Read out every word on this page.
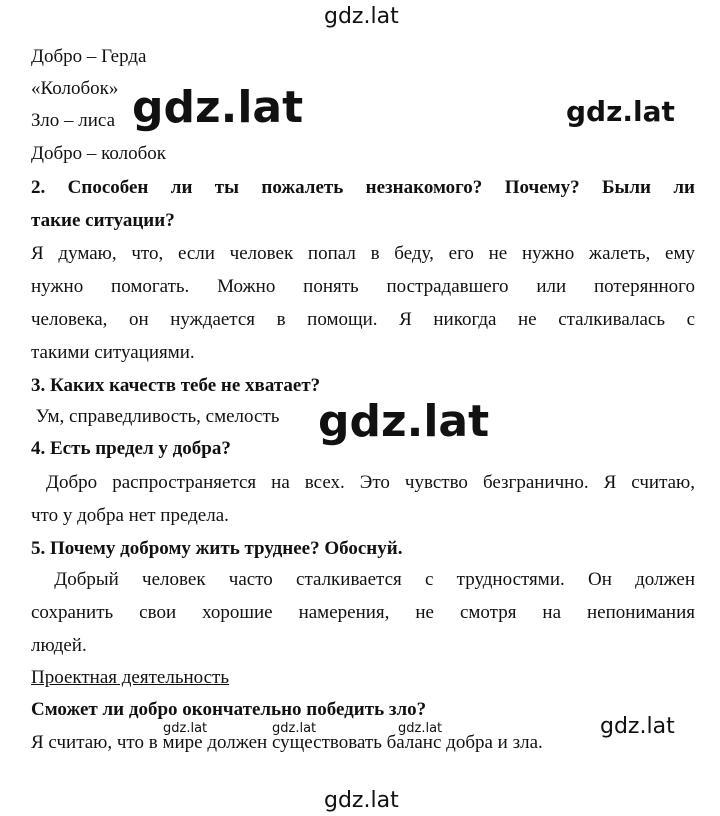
Добро – Герда
«Колобок»
Зло – лиса
Добро – колобок
2. Способен ли ты пожалеть незнакомого? Почему? Были ли
такие ситуации?
Я думаю, что, если человек попал в беду, его не нужно жалеть, ему
нужно помогать. Можно понять пострадавшего или потерянного
человека, он нуждается в помощи. Я никогда не сталкивалась с
такими ситуациями.
3. Каких качеств тебе не хватает?
Ум, справедливость, смелость
4. Есть предел у добра?
Добро распространяется на всех. Это чувство безгранично. Я считаю,
что у добра нет предела.
5. Почему доброму жить труднее? Обоснуй.
Добрый человек часто сталкивается с трудностями. Он должен
сохранить свои хорошие намерения, не смотря на непонимания
людей.
Проектная деятельность
Сможет ли добро окончательно победить зло?
Я считаю, что в мире должен существовать баланс добра и зла.
gdz.lat
gdz.lat	gdz.lat
gdz.lat
gdz.lat	gdz.lat	gdz.lat	gdz.lat
gdz.lat
